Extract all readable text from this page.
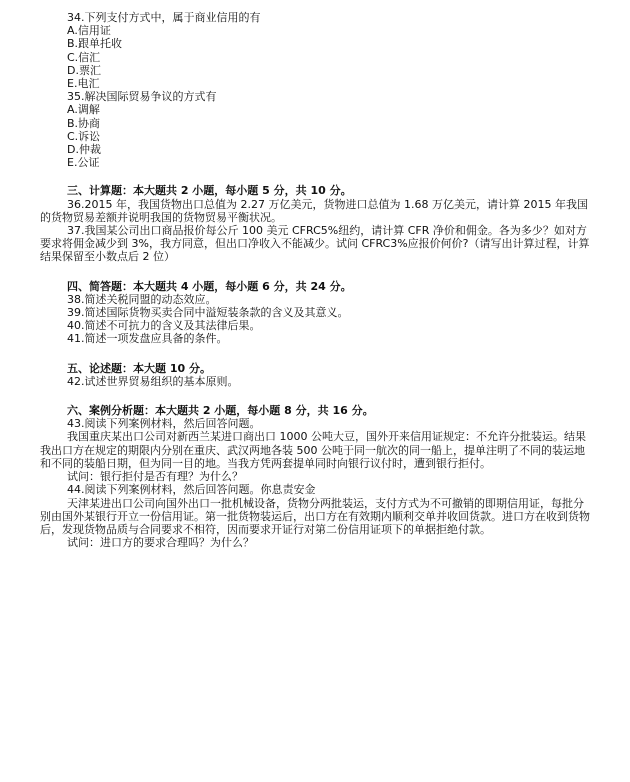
34.下列支付方式中，属于商业信用的有

A.信用证

B.跟单托收

C.信汇

D.票汇

E.电汇

35.解决国际贸易争议的方式有

A.调解

B.协商

C.诉讼

D.仲裁

E.公证

三、计算题：本大题共 2 小题，每小题 5 分，共 10 分。

36.2015 年，我国货物出口总值为 2.27 万亿美元，货物进口总值为 1.68 万亿美元，请计算 2015 年我国的货物贸易差额并说明我国的货物贸易平衡状况。

37.我国某公司出口商品报价每公斤 100 美元 CFRC5%纽约，请计算 CFR 净价和佣金。各为多少？如对方要求将佣金减少到 3%，我方同意，但出口净收入不能减少。试问 CFRC3%应报价何价?（请写出计算过程，计算结果保留至小数点后 2 位）

四、简答题：本大题共 4 小题，每小题 6 分，共 24 分。

38.简述关税同盟的动态效应。

39.简述国际货物买卖合同中溢短装条款的含义及其意义。

40.简述不可抗力的含义及其法律后果。

41.简述一项发盘应具备的条件。

五、论述题：本大题 10 分。

42.试述世界贸易组织的基本原则。

六、案例分析题：本大题共 2 小题，每小题 8 分，共 16 分。

43.阅读下列案例材料，然后回答问题。

我国重庆某出口公司对新西兰某进口商出口 1000 公吨大豆，国外开来信用证规定：不允许分批装运。结果我出口方在规定的期限内分别在重庆、武汉两地各装 500 公吨于同一航次的同一船上，提单注明了不同的装运地和不同的装船日期，但为同一目的地。当我方凭两套提单同时向银行议付时，遭到银行拒付。

试问：银行拒付是否有理？为什么？

44.阅读下列案例材料，然后回答问题。你息责安金

天津某进出口公司向国外出口一批机械设备，货物分两批装运，支付方式为不可撤销的即期信用证，每批分别由国外某银行开立一份信用证。第一批货物装运后，出口方在有效期内顺利交单并收回货款。进口方在收到货物后，发现货物品质与合同要求不相符，因而要求开证行对第二份信用证项下的单据拒绝付款。

试问：进口方的要求合理吗？为什么？
